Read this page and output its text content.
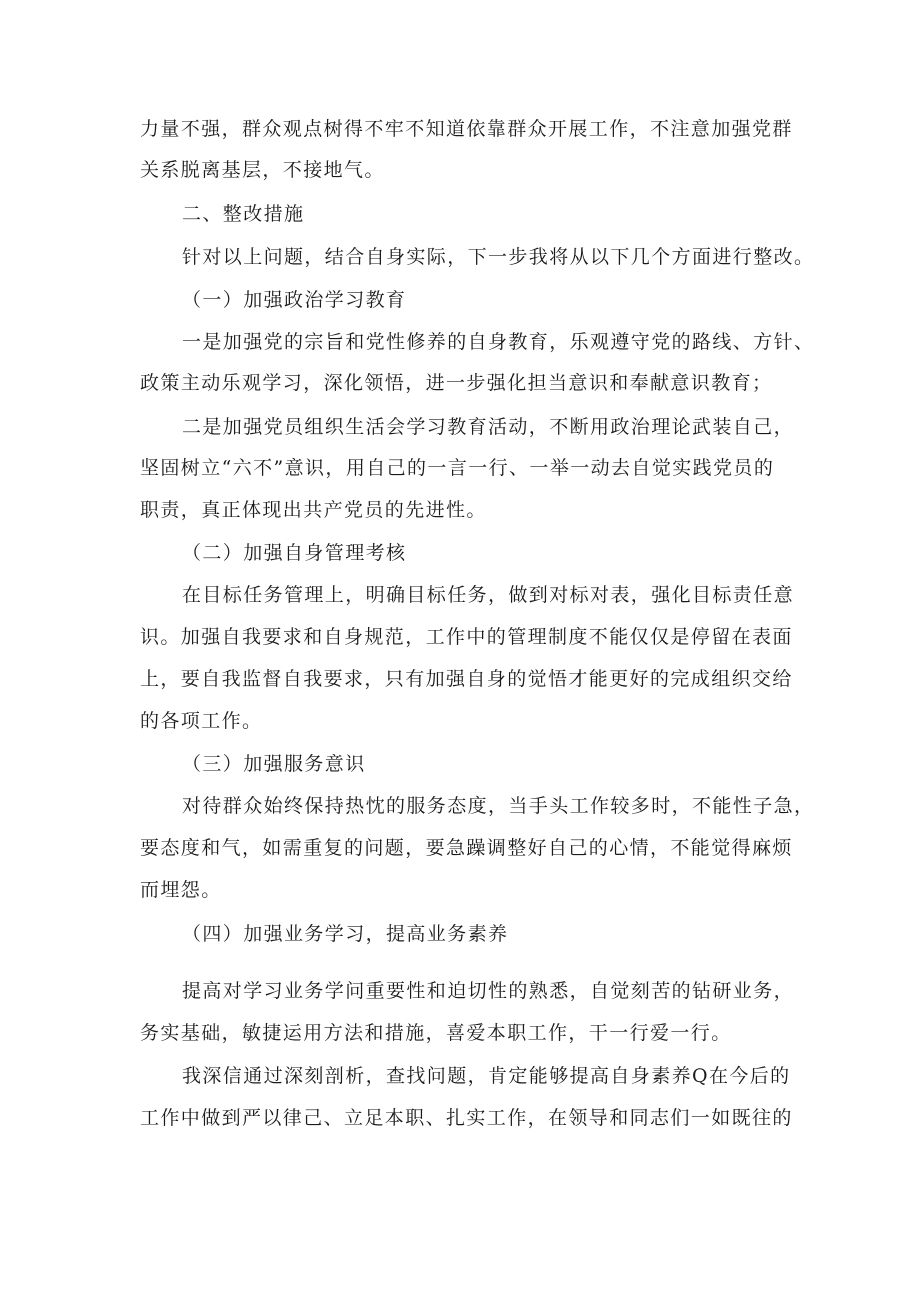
力量不强，群众观点树得不牢不知道依靠群众开展工作，不注意加强党群
关系脱离基层，不接地气。
二、整改措施
针对以上问题，结合自身实际，下一步我将从以下几个方面进行整改。
（一）加强政治学习教育
一是加强党的宗旨和党性修养的自身教育，乐观遵守党的路线、方针、
政策主动乐观学习，深化领悟，进一步强化担当意识和奉献意识教育；
二是加强党员组织生活会学习教育活动，不断用政治理论武装自己，
坚固树立“六不”意识，用自己的一言一行、一举一动去自觉实践党员的
职责，真正体现出共产党员的先进性。
（二）加强自身管理考核
在目标任务管理上，明确目标任务，做到对标对表，强化目标责任意
识。加强自我要求和自身规范，工作中的管理制度不能仅仅是停留在表面
上，要自我监督自我要求，只有加强自身的觉悟才能更好的完成组织交给
的各项工作。
（三）加强服务意识
对待群众始终保持热忱的服务态度，当手头工作较多时，不能性子急，
要态度和气，如需重复的问题，要急躁调整好自己的心情，不能觉得麻烦
而埋怨。
（四）加强业务学习，提高业务素养
提高对学习业务学问重要性和迫切性的熟悉，自觉刻苦的钻研业务，
务实基础，敏捷运用方法和措施，喜爱本职工作，干一行爱一行。
我深信通过深刻剖析，查找问题，肯定能够提高自身素养Q在今后的
工作中做到严以律己、立足本职、扎实工作，在领导和同志们一如既往的
